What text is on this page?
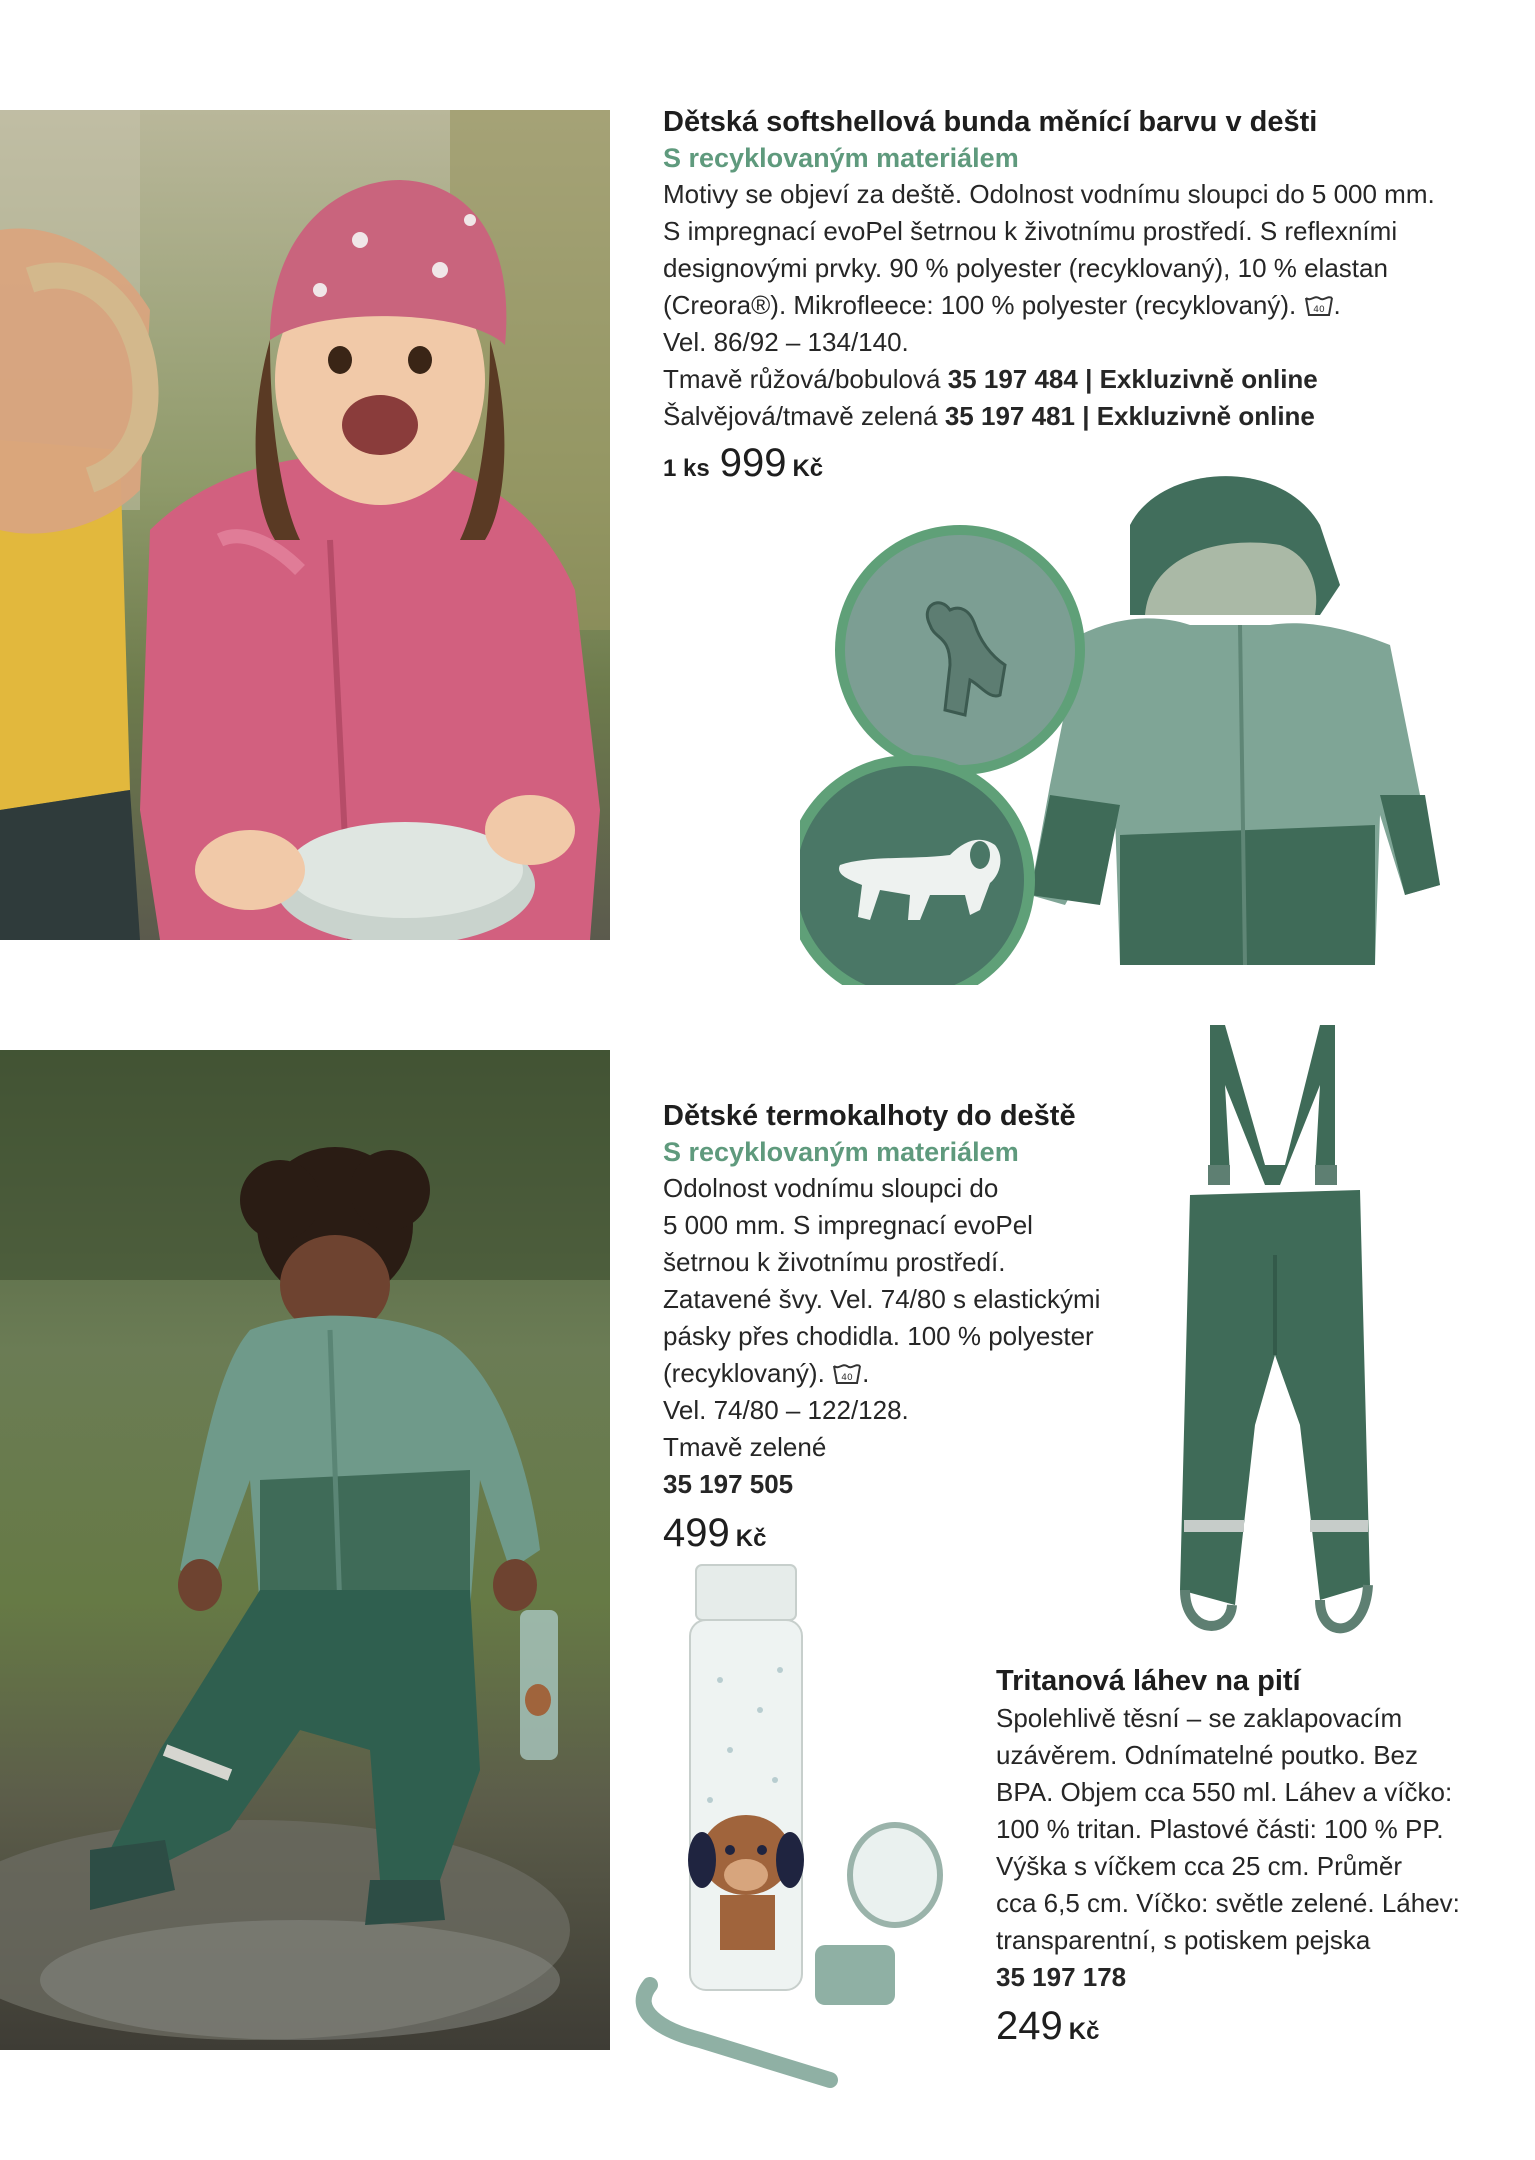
Dětská softshellová bunda měnící barvu v dešti
S recyklovaným materiálem

Motivy se objeví za deště. Odolnost vodnímu sloupci do 5 000 mm.

S impregnací evoPel šetrnou k životnímu prostředí. S reflexními

designovými prvky. 90 % polyester (recyklovaný), 10 % elastan

(Creora®). Mikrofleece: 100 % polyester (recyklovaný). 40 .

Vel. 86/92 – 134/140.

Tmavě růžová/bobulová 35 197 484 | Exkluzivně online

Šalvějová/tmavě zelená 35 197 481 | Exkluzivně online

1 ks 999 Kč
Dětské termokalhoty do deště
S recyklovaným materiálem

Odolnost vodnímu sloupci do

5 000 mm. S impregnací evoPel

šetrnou k životnímu prostředí.

Zatavené švy. Vel. 74/80 s elastickými

pásky přes chodidla. 100 % polyester

(recyklovaný). 40 .

Vel. 74/80 – 122/128.

Tmavě zelené

35 197 505

499 Kč
Tritanová láhev na pití

Spolehlivě těsní – se zaklapovacím

uzávěrem. Odnímatelné poutko. Bez

BPA. Objem cca 550 ml. Láhev a víčko:

100 % tritan. Plastové části: 100 % PP.

Výška s víčkem cca 25 cm. Průměr

cca 6,5 cm. Víčko: světle zelené. Láhev:

transparentní, s potiskem pejska

35 197 178

249 Kč
